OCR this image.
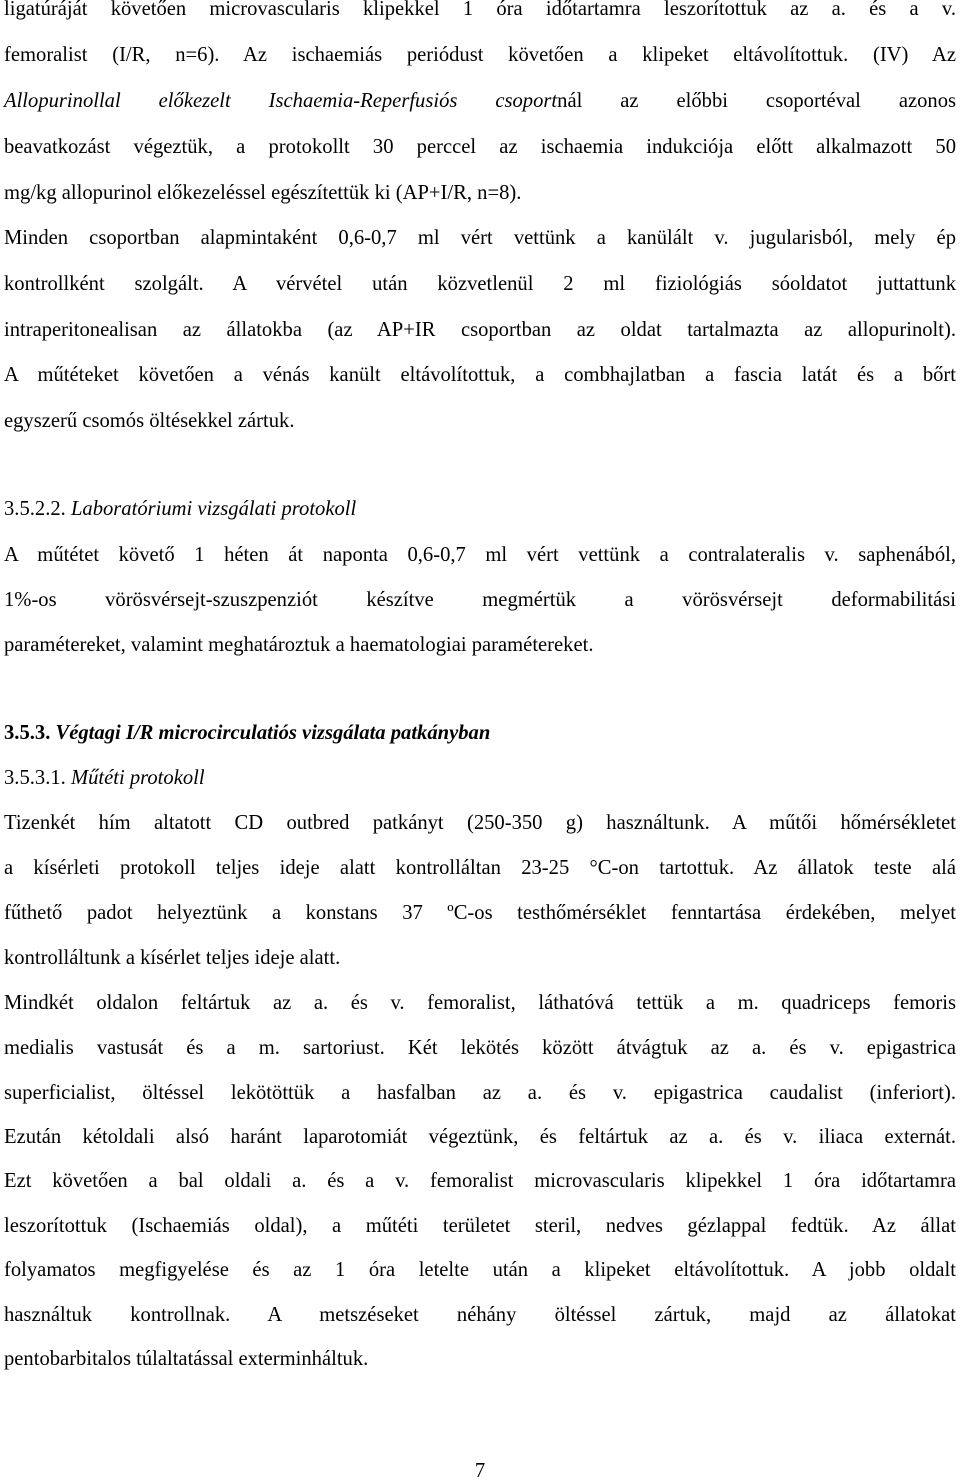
ligatúráját követően microvascularis klipekkel 1 óra időtartamra leszorítottuk az a. és a v.
femoralist (I/R, n=6). Az ischaemiás periódust követően a klipeket eltávolítottuk. (IV) Az
Allopurinollal előkezelt Ischaemia-Reperfusiós csoportnál az előbbi csoportéval azonos
beavatkozást végeztük, a protokollt 30 perccel az ischaemia indukciója előtt alkalmazott 50
mg/kg allopurinol előkezeléssel egészítettük ki (AP+I/R, n=8).
Minden csoportban alapmintaként 0,6-0,7 ml vért vettünk a kanülált v. jugularisból, mely ép
kontrollként szolgált. A vérvétel után közvetlenül 2 ml fiziológiás sóoldatot juttattunk
intraperitonealisan az állatokba (az AP+IR csoportban az oldat tartalmazta az allopurinolt).
A műtéteket követően a vénás kanült eltávolítottuk, a combhajlatban a fascia latát és a bőrt
egyszerű csomós öltésekkel zártuk.
3.5.2.2. Laboratóriumi vizsgálati protokoll
A műtétet követő 1 héten át naponta 0,6-0,7 ml vért vettünk a contralateralis v. saphenából,
1%-os vörösvérsejt-szuszpenziót készítve megmértük a vörösvérsejt deformabilitási
paramétereket, valamint meghatároztuk a haematologiai paramétereket.
3.5.3. Végtagi I/R microcirculatiós vizsgálata patkányban
3.5.3.1. Műtéti protokoll
Tizenkét hím altatott CD outbred patkányt (250-350 g) használtunk. A műtői hőmérsékletet
a kísérleti protokoll teljes ideje alatt kontrolláltan 23-25 °C-on tartottuk. Az állatok teste alá
fűthető padot helyeztünk a konstans 37 ºC-os testhőmérséklet fenntartása érdekében, melyet
kontrolláltunk a kísérlet teljes ideje alatt.
Mindkét oldalon feltártuk az a. és v. femoralist, láthatóvá tettük a m. quadriceps femoris
medialis vastusát és a m. sartoriust. Két lekötés között átvágtuk az a. és v. epigastrica
superficialist, öltéssel lekötöttük a hasfalban az a. és v. epigastrica caudalist (inferiort).
Ezután kétoldali alsó haránt laparotomiát végeztünk, és feltártuk az a. és v. iliaca externát.
Ezt követően a bal oldali a. és a v. femoralist microvascularis klipekkel 1 óra időtartamra
leszorítottuk (Ischaemiás oldal), a műtéti területet steril, nedves gézlappal fedtük. Az állat
folyamatos megfigyelése és az 1 óra letelte után a klipeket eltávolítottuk. A jobb oldalt
használtuk kontrollnak. A metszéseket néhány öltéssel zártuk, majd az állatokat
pentobarbitalos túlaltatással exterminháltuk.
7
